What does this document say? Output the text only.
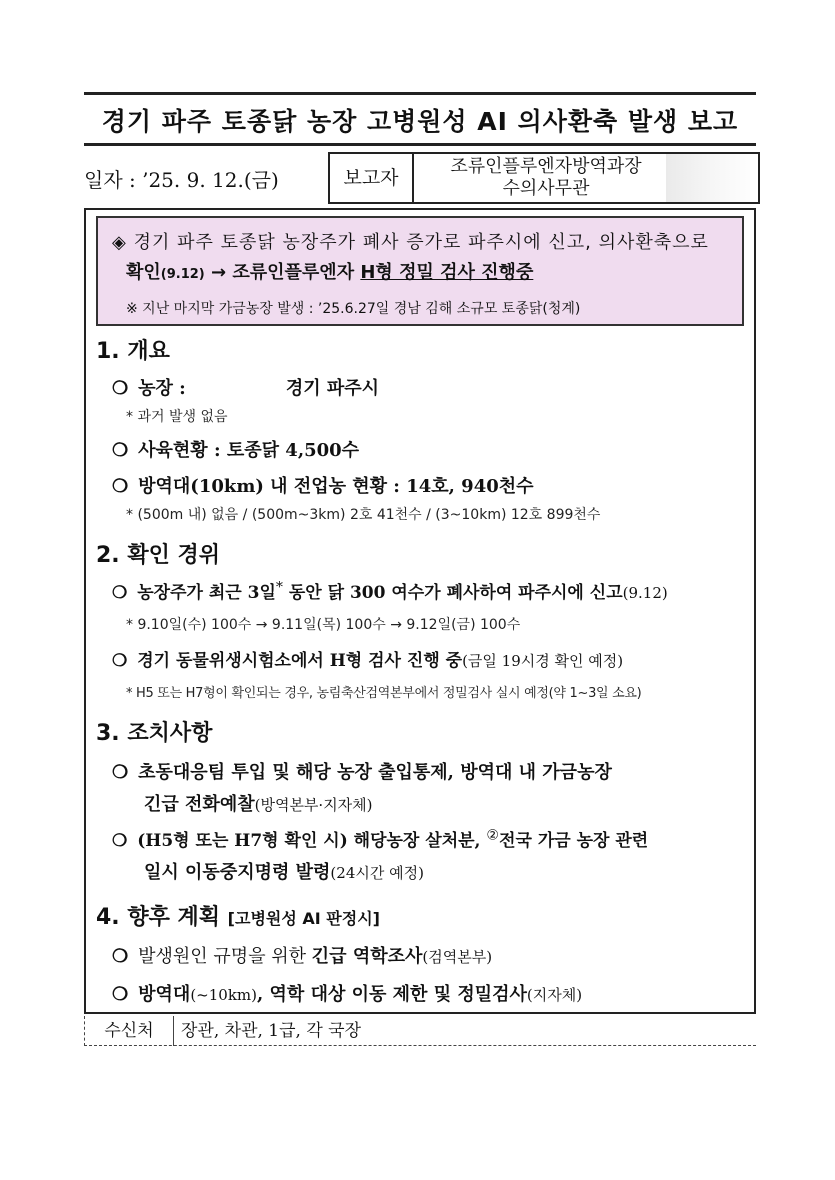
경기 파주 토종닭 농장 고병원성 AI 의사환축 발생 보고
일자 : ’25. 9. 12.(금)	보고자
조류인플루엔자방역과장
수의사무관
◈ 경기 파주 토종닭 농장주가 폐사 증가로 파주시에 신고, 의사환축으로
확인(9.12) → 조류인플루엔자 H형 정밀 검사 진행중
※ 지난 마지막 가금농장 발생 : ’25.6.27일 경남 김해 소규모 토종닭(청계)
1. 개요
❍ 농장 :	경기 파주시
* 과거 발생 없음
❍ 사육현황 : 토종닭 4,500수
❍ 방역대(10km) 내 전업농 현황 : 14호, 940천수
* (500m 내) 없음 / (500m~3km) 2호 41천수 / (3~10km) 12호 899천수
2. 확인 경위
❍ 농장주가 최근 3일* 동안 닭 300 여수가 폐사하여 파주시에 신고(9.12)
* 9.10일(수) 100수 → 9.11일(목) 100수 → 9.12일(금) 100수
❍ 경기 동물위생시험소에서 H형 검사 진행 중(금일 19시경 확인 예정)
* H5 또는 H7형이 확인되는 경우, 농림축산검역본부에서 정밀검사 실시 예정(약 1~3일 소요)
3. 조치사항
❍ 초동대응팀 투입 및 해당 농장 출입통제, 방역대 내 가금농장
긴급 전화예찰(방역본부·지자체)
❍ (H5형 또는 H7형 확인 시) 해당농장 살처분, ②전국 가금 농장 관련
일시 이동중지명령 발령(24시간 예정)
4. 향후 계획 [고병원성 AI 판정시]
❍ 발생원인 규명을 위한 긴급 역학조사(검역본부)
❍ 방역대(~10km), 역학 대상 이동 제한 및 정밀검사(지자체)
수신처	장관, 차관, 1급, 각 국장
